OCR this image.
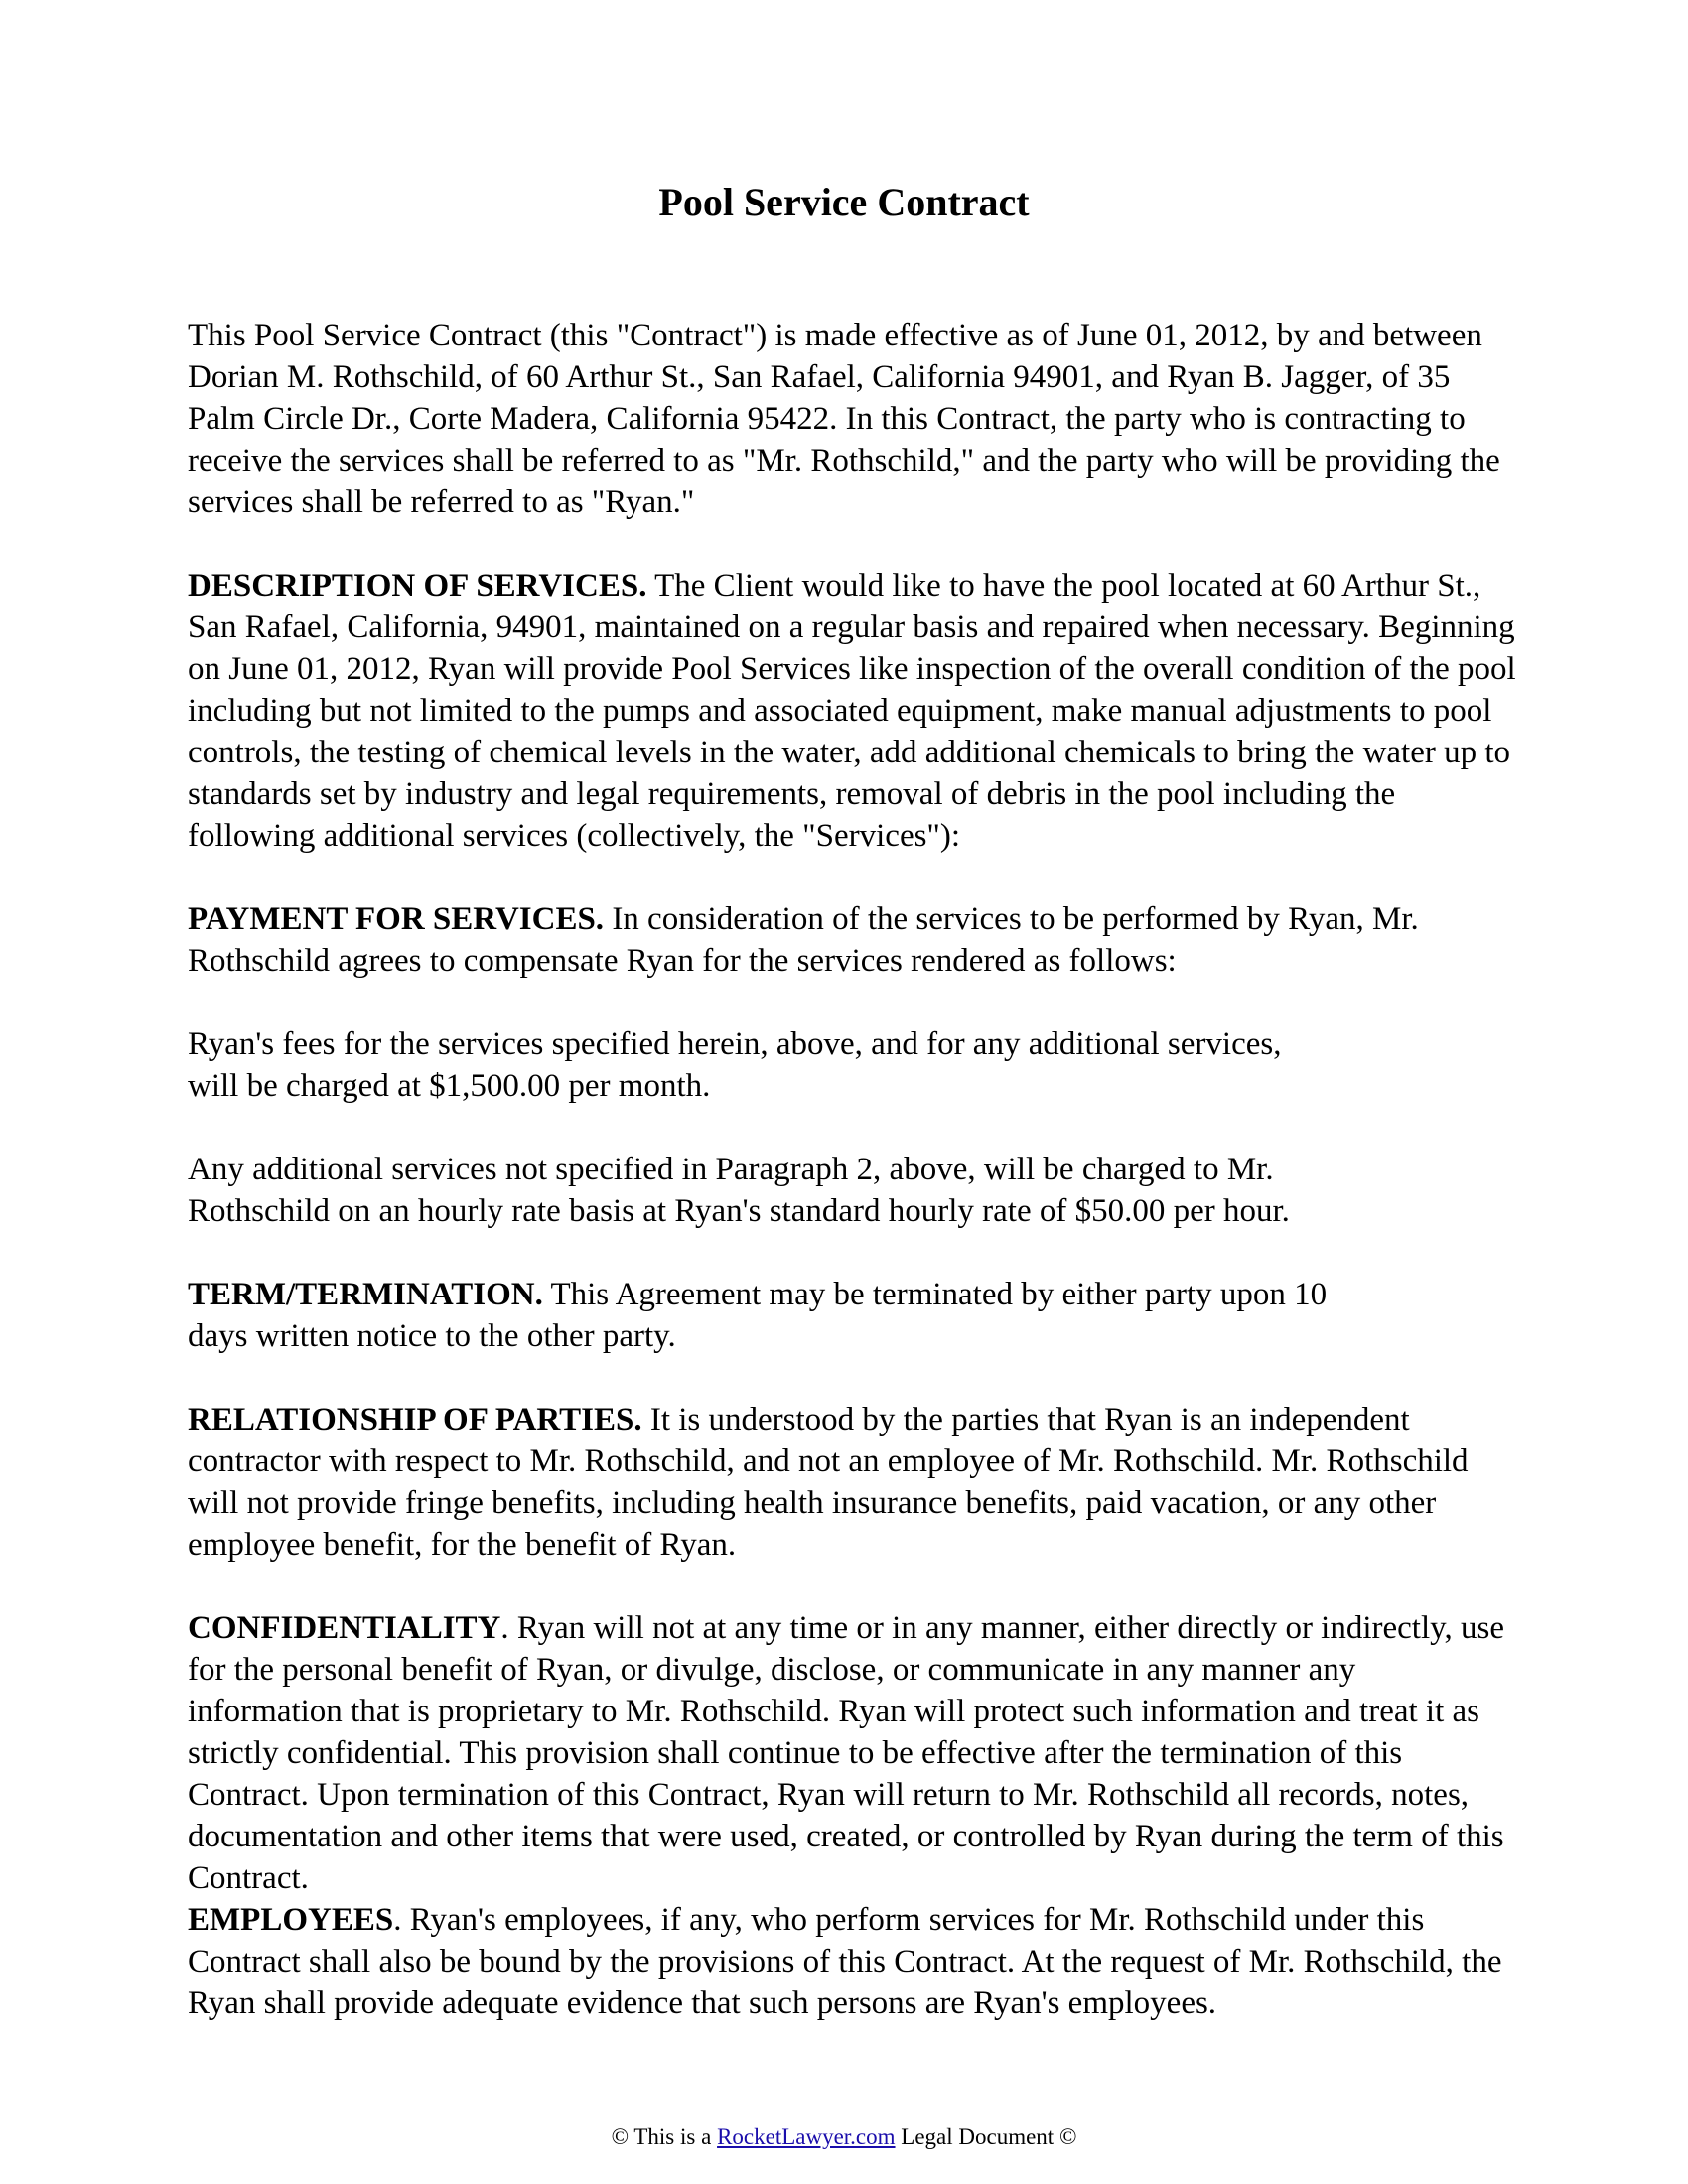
Pool Service Contract

This Pool Service Contract (this "Contract") is made effective as of June 01, 2012, by and between Dorian M. Rothschild, of 60 Arthur St., San Rafael, California 94901, and Ryan B. Jagger, of 35 Palm Circle Dr., Corte Madera, California 95422. In this Contract, the party who is contracting to receive the services shall be referred to as "Mr. Rothschild," and the party who will be providing the services shall be referred to as "Ryan."

DESCRIPTION OF SERVICES. The Client would like to have the pool located at 60 Arthur St., San Rafael, California, 94901, maintained on a regular basis and repaired when necessary. Beginning on June 01, 2012, Ryan will provide Pool Services like inspection of the overall condition of the pool including but not limited to the pumps and associated equipment, make manual adjustments to pool controls, the testing of chemical levels in the water, add additional chemicals to bring the water up to standards set by industry and legal requirements, removal of debris in the pool including the following additional services (collectively, the "Services"):

PAYMENT FOR SERVICES. In consideration of the services to be performed by Ryan, Mr. Rothschild agrees to compensate Ryan for the services rendered as follows:

Ryan's fees for the services specified herein, above, and for any additional services,
will be charged at $1,500.00 per month.

Any additional services not specified in Paragraph 2, above, will be charged to Mr.
Rothschild on an hourly rate basis at Ryan's standard hourly rate of $50.00 per hour.

TERM/TERMINATION. This Agreement may be terminated by either party upon 10
days written notice to the other party.

RELATIONSHIP OF PARTIES. It is understood by the parties that Ryan is an independent contractor with respect to Mr. Rothschild, and not an employee of Mr. Rothschild. Mr. Rothschild will not provide fringe benefits, including health insurance benefits, paid vacation, or any other employee benefit, for the benefit of Ryan.

CONFIDENTIALITY. Ryan will not at any time or in any manner, either directly or indirectly, use for the personal benefit of Ryan, or divulge, disclose, or communicate in any manner any information that is proprietary to Mr. Rothschild. Ryan will protect such information and treat it as strictly confidential. This provision shall continue to be effective after the termination of this Contract. Upon termination of this Contract, Ryan will return to Mr. Rothschild all records, notes, documentation and other items that were used, created, or controlled by Ryan during the term of this Contract.

EMPLOYEES. Ryan's employees, if any, who perform services for Mr. Rothschild under this Contract shall also be bound by the provisions of this Contract. At the request of Mr. Rothschild, the Ryan shall provide adequate evidence that such persons are Ryan's employees.

© This is a RocketLawyer.com Legal Document ©
